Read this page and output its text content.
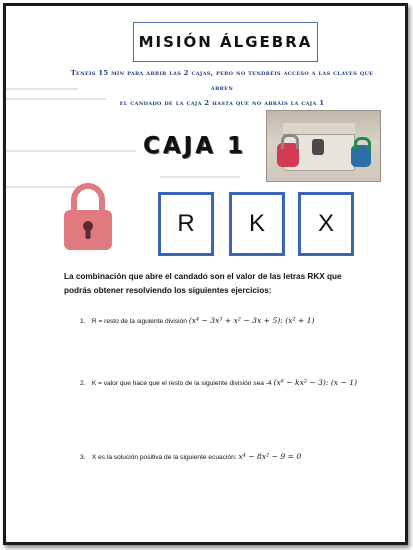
MISIÓN ÁLGEBRA
Tenéis 15 min para abrir las 2 cajas, pero no tendréis acceso a las claves que abren
el candado de la caja 2 hasta que no abráis la caja 1
CAJA 1
R K X
La combinación que abre el candado son el valor de las letras RKX que podrás obtener resolviendo los siguientes ejercicios:
1. R = resto de la siguiente división (x⁴ − 3x³ + x² − 3x + 5): (x² + 1)
2. K = valor que hace que el resto de la siguiente división sea -4 (x⁶ − kx² − 3): (x − 1)
3. X es la solución positiva de la siguiente ecuación: x⁴ − 8x² − 9 = 0
